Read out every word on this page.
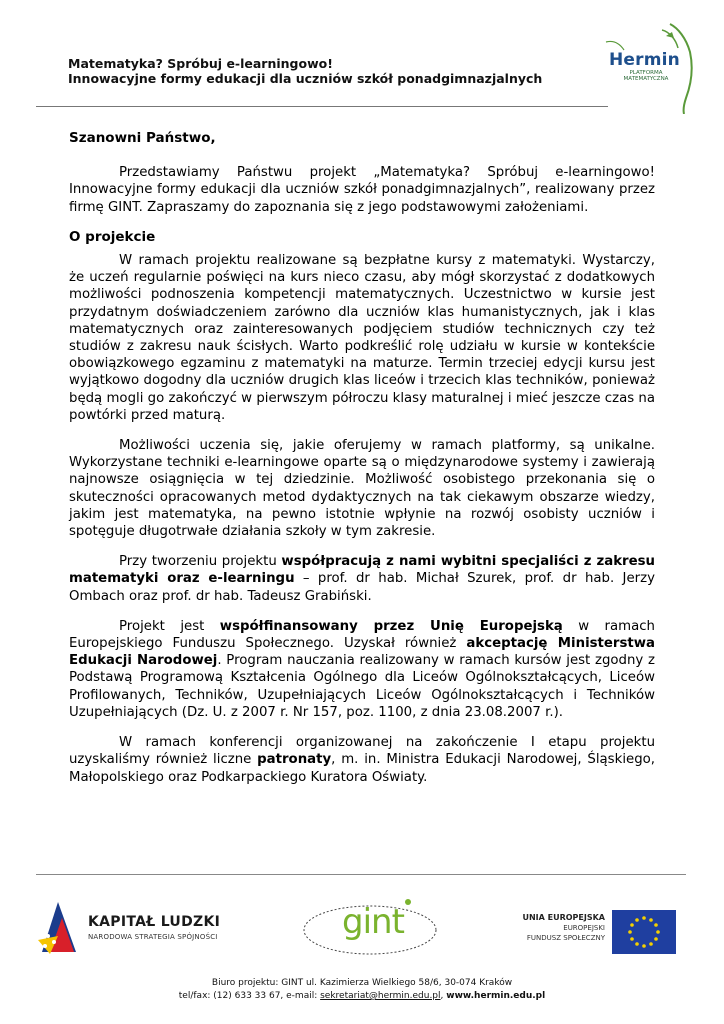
Matematyka? Spróbuj e-learningowo!
Innowacyjne formy edukacji dla uczniów szkół ponadgimnazjalnych
Hermin
PLATFORMA
MATEMATYCZNA

Szanowni Państwo,

Przedstawiamy Państwu projekt „Matematyka? Spróbuj e-learningowo! Innowacyjne formy edukacji dla uczniów szkół ponadgimnazjalnych”, realizowany przez firmę GINT. Zapraszamy do zapoznania się z jego podstawowymi założeniami.

O projekcie

W ramach projektu realizowane są bezpłatne kursy z matematyki. Wystarczy, że uczeń regularnie poświęci na kurs nieco czasu, aby mógł skorzystać z dodatkowych możliwości podnoszenia kompetencji matematycznych. Uczestnictwo w kursie jest przydatnym doświadczeniem zarówno dla uczniów klas humanistycznych, jak i klas matematycznych oraz zainteresowanych podjęciem studiów technicznych czy też studiów z zakresu nauk ścisłych. Warto podkreślić rolę udziału w kursie w kontekście obowiązkowego egzaminu z matematyki na maturze. Termin trzeciej edycji kursu jest wyjątkowo dogodny dla uczniów drugich klas liceów i trzecich klas techników, ponieważ będą mogli go zakończyć w pierwszym półroczu klasy maturalnej i mieć jeszcze czas na powtórki przed maturą.

Możliwości uczenia się, jakie oferujemy w ramach platformy, są unikalne. Wykorzystane techniki e-learningowe oparte są o międzynarodowe systemy i zawierają najnowsze osiągnięcia w tej dziedzinie. Możliwość osobistego przekonania się o skuteczności opracowanych metod dydaktycznych na tak ciekawym obszarze wiedzy, jakim jest matematyka, na pewno istotnie wpłynie na rozwój osobisty uczniów i spotęguje długotrwałe działania szkoły w tym zakresie.

Przy tworzeniu projektu współpracują z nami wybitni specjaliści z zakresu matematyki oraz e-learningu – prof. dr hab. Michał Szurek, prof. dr hab. Jerzy Ombach oraz prof. dr hab. Tadeusz Grabiński.

Projekt jest współfinansowany przez Unię Europejską w ramach Europejskiego Funduszu Społecznego. Uzyskał również akceptację Ministerstwa Edukacji Narodowej. Program nauczania realizowany w ramach kursów jest zgodny z Podstawą Programową Kształcenia Ogólnego dla Liceów Ogólnokształcących, Liceów Profilowanych, Techników, Uzupełniających Liceów Ogólnokształcących i Techników Uzupełniających (Dz. U. z 2007 r. Nr 157, poz. 1100, z dnia 23.08.2007 r.).

W ramach konferencji organizowanej na zakończenie I etapu projektu uzyskaliśmy również liczne patronaty, m. in. Ministra Edukacji Narodowej, Śląskiego, Małopolskiego oraz Podkarpackiego Kuratora Oświaty.

KAPITAŁ LUDZKI
NARODOWA STRATEGIA SPÓJNOŚCI	gint	UNIA EUROPEJSKA
EUROPEJSKI
FUNDUSZ SPOŁECZNY
Biuro projektu: GINT ul. Kazimierza Wielkiego 58/6, 30-074 Kraków
tel/fax: (12) 633 33 67, e-mail: sekretariat@hermin.edu.pl, www.hermin.edu.pl
